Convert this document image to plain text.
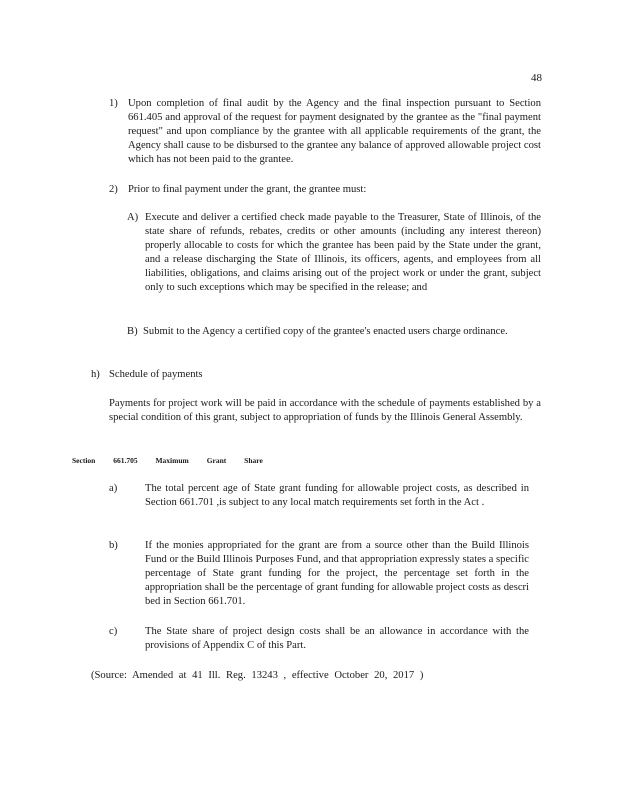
48
1) Upon completion of final audit by the Agency and the final inspection pursuant to Section 661.405 and approval of the request for payment designated by the grantee as the "final payment request" and upon compliance by the grantee with all applicable requirements of the grant, the Agency shall cause to be disbursed to the grantee any balance of approved allowable project cost which has not been paid to the grantee.

2) Prior to final payment under the grant, the grantee must:

A) Execute and deliver a certified check made payable to the Treasurer, State of Illinois, of the state share of refunds, rebates, credits or other amounts (including any interest thereon) properly allocable to costs for which the grantee has been paid by the State under the grant, and a release discharging the State of Illinois, its officers, agents, and employees from all liabilities, obligations, and claims arising out of the project work or under the grant, subject only to such exceptions which may be specified in the release; and

B) Submit to the Agency a certified copy of the grantee's enacted users charge ordinance.

h) Schedule of payments

Payments for project work will be paid in accordance with the schedule of payments established by a special condition of this grant, subject to appropriation of funds by the Illinois General Assembly.
Section 661.705 Maximum Grant Share
a)	The total percent age of State grant funding for allowable project costs, as described in Section 661.701 ,is subject to any local match requirements set forth in the Act .

b)	If the monies appropriated for the grant are from a source other than the Build Illinois Fund or the Build Illinois Purposes Fund, and that appropriation expressly states a specific percentage of State grant funding for the project, the percentage set forth in the appropriation shall be the percentage of grant funding for allowable project costs as descri bed in Section 661.701.

c)	The State share of project design costs shall be an allowance in accordance with the provisions of Appendix C of this Part.

(Source: Amended at 41 Ill. Reg. 13243 , effective October 20, 2017 )
